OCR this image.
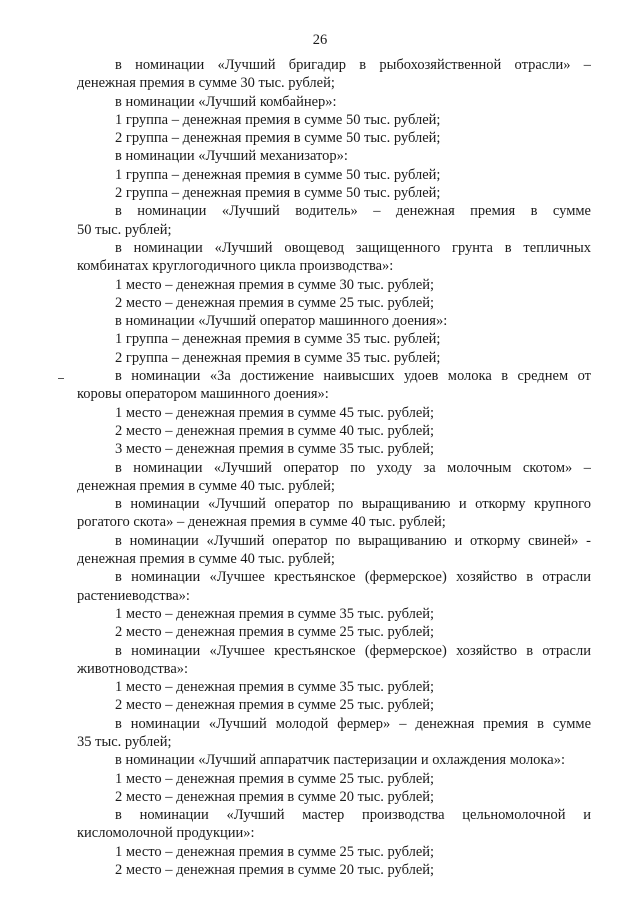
26
в номинации «Лучший бригадир в рыбохозяйственной отрасли» –
денежная премия в сумме 30 тыс. рублей;
в номинации «Лучший комбайнер»:
1 группа – денежная премия в сумме 50 тыс. рублей;
2 группа – денежная премия в сумме 50 тыс. рублей;
в номинации «Лучший механизатор»:
1 группа – денежная премия в сумме 50 тыс. рублей;
2 группа – денежная премия в сумме 50 тыс. рублей;
в номинации «Лучший водитель» – денежная премия в сумме
50 тыс. рублей;
в номинации «Лучший овощевод защищенного грунта в тепличных
комбинатах круглогодичного цикла производства»:
1 место – денежная премия в сумме 30 тыс. рублей;
2 место – денежная премия в сумме 25 тыс. рублей;
в номинации «Лучший оператор машинного доения»:
1 группа – денежная премия в сумме 35 тыс. рублей;
2 группа – денежная премия в сумме 35 тыс. рублей;
в номинации «За достижение наивысших удоев молока в среднем от
коровы оператором машинного доения»:
1 место – денежная премия в сумме 45 тыс. рублей;
2 место – денежная премия в сумме 40 тыс. рублей;
3 место – денежная премия в сумме 35 тыс. рублей;
в номинации «Лучший оператор по уходу за молочным скотом» –
денежная премия в сумме 40 тыс. рублей;
в номинации «Лучший оператор по выращиванию и откорму крупного
рогатого скота» – денежная премия в сумме 40 тыс. рублей;
в номинации «Лучший оператор по выращиванию и откорму свиней» -
денежная премия в сумме 40 тыс. рублей;
в номинации «Лучшее крестьянское (фермерское) хозяйство в отрасли
растениеводства»:
1 место – денежная премия в сумме 35 тыс. рублей;
2 место – денежная премия в сумме 25 тыс. рублей;
в номинации «Лучшее крестьянское (фермерское) хозяйство в отрасли
животноводства»:
1 место – денежная премия в сумме 35 тыс. рублей;
2 место – денежная премия в сумме 25 тыс. рублей;
в номинации «Лучший молодой фермер» – денежная премия в сумме
35 тыс. рублей;
в номинации «Лучший аппаратчик пастеризации и охлаждения молока»:
1 место – денежная премия в сумме 25 тыс. рублей;
2 место – денежная премия в сумме 20 тыс. рублей;
в номинации «Лучший мастер производства цельномолочной и
кисломолочной продукции»:
1 место – денежная премия в сумме 25 тыс. рублей;
2 место – денежная премия в сумме 20 тыс. рублей;
